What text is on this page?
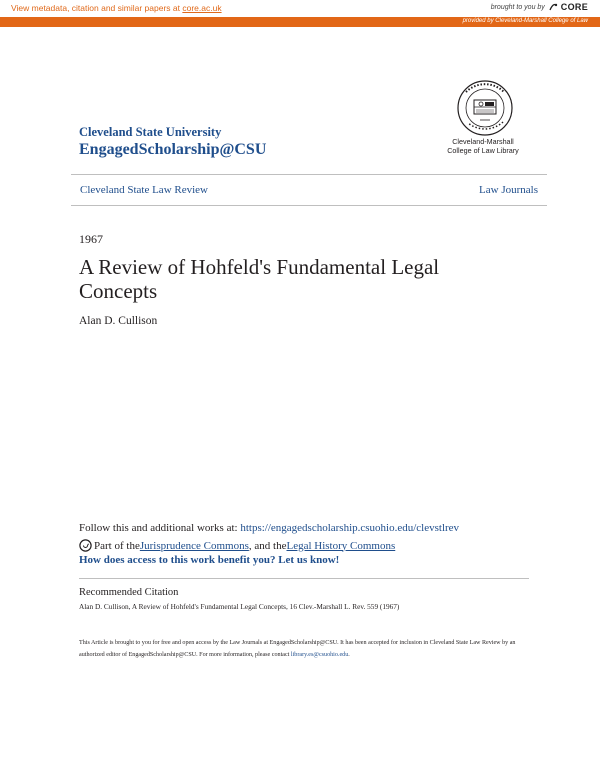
View metadata, citation and similar papers at core.ac.uk	brought to you by CORE
provided by Cleveland-Marshall College of Law
Cleveland State University
EngagedScholarship@CSU	Cleveland-Marshall
College of Law Library
Cleveland State Law Review	Law Journals
1967
A Review of Hohfeld's Fundamental Legal Concepts
Alan D. Cullison
Follow this and additional works at: https://engagedscholarship.csuohio.edu/clevstlrev
Part of the Jurisprudence Commons , and the Legal History Commons
How does access to this work benefit you? Let us know!
Recommended Citation
Alan D. Cullison, A Review of Hohfeld's Fundamental Legal Concepts, 16 Clev.-Marshall L. Rev. 559 (1967)
This Article is brought to you for free and open access by the Law Journals at EngagedScholarship@CSU. It has been accepted for inclusion in Cleveland State Law Review by an authorized editor of EngagedScholarship@CSU. For more information, please contact library.es@csuohio.edu.
